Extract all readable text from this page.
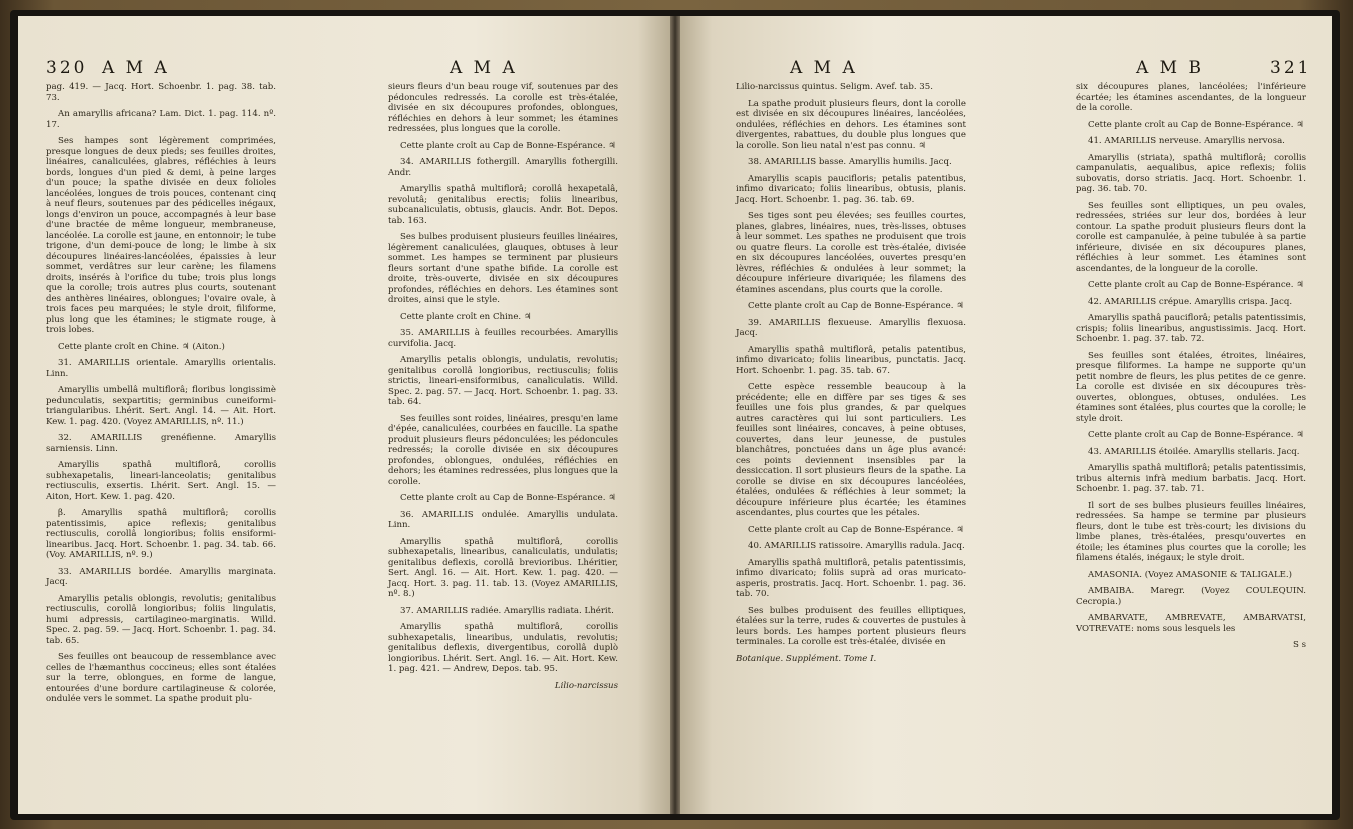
320 A M A	A M A

pag. 419. — Jacq. Hort. Schoenbr. 1. pag. 38. tab. 73.

An amaryllis africana? Lam. Dict. 1. pag. 114. nº. 17.

Ses hampes sont légèrement comprimées, presque longues de deux pieds; ses feuilles droites, linéaires, canaliculées, glabres, réfléchies à leurs bords, longues d'un pied & demi, à peine larges d'un pouce; la spathe divisée en deux folioles lancéolées, longues de trois pouces, contenant cinq à neuf fleurs, soutenues par des pédicelles inégaux, longs d'environ un pouce, accompagnés à leur base d'une bractée de même longueur, membraneuse, lancéolée. La corolle est jaune, en entonnoir; le tube trigone, d'un demi-pouce de long; le limbe à six découpures linéaires-lancéolées, épaissies à leur sommet, verdâtres sur leur carène; les filamens droits, insérés à l'orifice du tube; trois plus longs que la corolle; trois autres plus courts, soutenant des anthères linéaires, oblongues; l'ovaire ovale, à trois faces peu marquées; le style droit, filiforme, plus long que les étamines; le stigmate rouge, à trois lobes.

Cette plante croît en Chine. ♃ (Aiton.)

31. AMARILLIS orientale. Amaryllis orientalis. Linn.

Amaryllis umbellâ multiflorâ; floribus longissimè pedunculatis, sexpartitis; germinibus cuneiformi-triangularibus. Lhérit. Sert. Angl. 14. — Ait. Hort. Kew. 1. pag. 420. (Voyez AMARILLIS, nº. 11.)

32. AMARILLIS grenéfienne. Amaryllis sarniensis. Linn.

Amaryllis spathâ multiflorâ, corollis subhexapetalis, lineari-lanceolatis; genitalibus rectiusculis, exsertis. Lhérit. Sert. Angl. 15. — Aiton, Hort. Kew. 1. pag. 420.

β. Amaryllis spathâ multiflorâ; corollis patentissimis, apice reflexis; genitalibus rectiusculis, corollâ longioribus; foliis ensiformi-linearibus. Jacq. Hort. Schoenbr. 1. pag. 34. tab. 66. (Voy. AMARILLIS, nº. 9.)

33. AMARILLIS bordée. Amaryllis marginata. Jacq.

Amaryllis petalis oblongis, revolutis; genitalibus rectiusculis, corollâ longioribus; foliis lingulatis, humi adpressis, cartilagineo-marginatis. Willd. Spec. 2. pag. 59. — Jacq. Hort. Schoenbr. 1. pag. 34. tab. 65.

Ses feuilles ont beaucoup de ressemblance avec celles de l'hæmanthus coccineus; elles sont étalées sur la terre, oblongues, en forme de langue, entourées d'une bordure cartilagineuse & colorée, ondulée vers le sommet. La spathe produit plu-

sieurs fleurs d'un beau rouge vif, soutenues par des pédoncules redressés. La corolle est très-étalée, divisée en six découpures profondes, oblongues, réfléchies en dehors à leur sommet; les étamines redressées, plus longues que la corolle.

Cette plante croît au Cap de Bonne-Espérance. ♃

34. AMARILLIS fothergill. Amaryllis fothergilli. Andr.

Amaryllis spathâ multiflorâ; corollâ hexapetalâ, revolutâ; genitalibus erectis; foliis linearibus, subcanaliculatis, obtusis, glaucis. Andr. Bot. Depos. tab. 163.

Ses bulbes produisent plusieurs feuilles linéaires, légèrement canaliculées, glauques, obtuses à leur sommet. Les hampes se terminent par plusieurs fleurs sortant d'une spathe bifide. La corolle est droite, très-ouverte, divisée en six découpures profondes, réfléchies en dehors. Les étamines sont droites, ainsi que le style.

Cette plante croît en Chine. ♃

35. AMARILLIS à feuilles recourbées. Amaryllis curvifolia. Jacq.

Amaryllis petalis oblongis, undulatis, revolutis; genitalibus corollâ longioribus, rectiusculis; foliis strictis, lineari-ensiformibus, canaliculatis. Willd. Spec. 2. pag. 57. — Jacq. Hort. Schoenbr. 1. pag. 33. tab. 64.

Ses feuilles sont roides, linéaires, presqu'en lame d'épée, canaliculées, courbées en faucille. La spathe produit plusieurs fleurs pédonculées; les pédoncules redressés; la corolle divisée en six découpures profondes, oblongues, ondulées, réfléchies en dehors; les étamines redressées, plus longues que la corolle.

Cette plante croît au Cap de Bonne-Espérance. ♃

36. AMARILLIS ondulée. Amaryllis undulata. Linn.

Amaryllis spathâ multiflorâ, corollis subhexapetalis, linearibus, canaliculatis, undulatis; genitalibus deflexis, corollâ brevioribus. Lhéritier, Sert. Angl. 16. — Ait. Hort. Kew. 1. pag. 420. — Jacq. Hort. 3. pag. 11. tab. 13. (Voyez AMARILLIS, nº. 8.)

37. AMARILLIS radiée. Amaryllis radiata. Lhérit.

Amaryllis spathâ multiflorâ, corollis subhexapetalis, linearibus, undulatis, revolutis; genitalibus deflexis, divergentibus, corollâ duplò longioribus. Lhérit. Sert. Angl. 16. — Ait. Hort. Kew. 1. pag. 421. — Andrew, Depos. tab. 95.

Lilio-narcissus

A M A	A M B	321

Lilio-narcissus quintus. Seligm. Avef. tab. 35.

La spathe produit plusieurs fleurs, dont la corolle est divisée en six découpures linéaires, lancéolées, ondulées, réfléchies en dehors. Les étamines sont divergentes, rabattues, du double plus longues que la corolle. Son lieu natal n'est pas connu. ♃

38. AMARILLIS basse. Amaryllis humilis. Jacq.

Amaryllis scapis paucifloris; petalis patentibus, infimo divaricato; foliis linearibus, obtusis, planis. Jacq. Hort. Schoenbr. 1. pag. 36. tab. 69.

Ses tiges sont peu élevées; ses feuilles courtes, planes, glabres, linéaires, nues, très-lisses, obtuses à leur sommet. Les spathes ne produisent que trois ou quatre fleurs. La corolle est très-étalée, divisée en six découpures lancéolées, ouvertes presqu'en lèvres, réfléchies & ondulées à leur sommet; la découpure inférieure divariquée; les filamens des étamines ascendans, plus courts que la corolle.

Cette plante croît au Cap de Bonne-Espérance. ♃

39. AMARILLIS flexueuse. Amaryllis flexuosa. Jacq.

Amaryllis spathâ multiflorâ, petalis patentibus, infimo divaricato; foliis linearibus, punctatis. Jacq. Hort. Schoenbr. 1. pag. 35. tab. 67.

Cette espèce ressemble beaucoup à la précédente; elle en diffère par ses tiges & ses feuilles une fois plus grandes, & par quelques autres caractères qui lui sont particuliers. Les feuilles sont linéaires, concaves, à peine obtuses, couvertes, dans leur jeunesse, de pustules blanchâtres, ponctuées dans un âge plus avancé: ces points deviennent insensibles par la dessiccation. Il sort plusieurs fleurs de la spathe. La corolle se divise en six découpures lancéolées, étalées, ondulées & réfléchies à leur sommet; la découpure inférieure plus écartée; les étamines ascendantes, plus courtes que les pétales.

Cette plante croît au Cap de Bonne-Espérance. ♃

40. AMARILLIS ratissoire. Amaryllis radula. Jacq.

Amaryllis spathâ multiflorâ, petalis patentissimis, infimo divaricato; foliis suprà ad oras muricato-asperis, prostratis. Jacq. Hort. Schoenbr. 1. pag. 36. tab. 70.

Ses bulbes produisent des feuilles elliptiques, étalées sur la terre, rudes & couvertes de pustules à leurs bords. Les hampes portent plusieurs fleurs terminales. La corolle est très-étalée, divisée en

Botanique. Supplément. Tome I.

six découpures planes, lancéolées; l'inférieure écartée; les étamines ascendantes, de la longueur de la corolle.

Cette plante croît au Cap de Bonne-Espérance. ♃

41. AMARILLIS nerveuse. Amaryllis nervosa.

Amaryllis (striata), spathâ multiflorâ; corollis campanulatis, aequalibus, apice reflexis; foliis subovatis, dorso striatis. Jacq. Hort. Schoenbr. 1. pag. 36. tab. 70.

Ses feuilles sont elliptiques, un peu ovales, redressées, striées sur leur dos, bordées à leur contour. La spathe produit plusieurs fleurs dont la corolle est campanulée, à peine tubulée à sa partie inférieure, divisée en six découpures planes, réfléchies à leur sommet. Les étamines sont ascendantes, de la longueur de la corolle.

Cette plante croît au Cap de Bonne-Espérance. ♃

42. AMARILLIS crépue. Amaryllis crispa. Jacq.

Amaryllis spathâ pauciflorâ; petalis patentissimis, crispis; foliis linearibus, angustissimis. Jacq. Hort. Schoenbr. 1. pag. 37. tab. 72.

Ses feuilles sont étalées, étroites, linéaires, presque filiformes. La hampe ne supporte qu'un petit nombre de fleurs, les plus petites de ce genre. La corolle est divisée en six découpures très-ouvertes, oblongues, obtuses, ondulées. Les étamines sont étalées, plus courtes que la corolle; le style droit.

Cette plante croît au Cap de Bonne-Espérance. ♃

43. AMARILLIS étoilée. Amaryllis stellaris. Jacq.

Amaryllis spathâ multiflorâ; petalis patentissimis, tribus alternis infrà medium barbatis. Jacq. Hort. Schoenbr. 1. pag. 37. tab. 71.

Il sort de ses bulbes plusieurs feuilles linéaires, redressées. Sa hampe se termine par plusieurs fleurs, dont le tube est très-court; les divisions du limbe planes, très-étalées, presqu'ouvertes en étoile; les étamines plus courtes que la corolle; les filamens étalés, inégaux; le style droit.

AMASONIA. (Voyez AMASONIE & TALIGALE.)

AMBAIBA. Maregr. (Voyez COULEQUIN. Cecropia.)

AMBARVATE, AMBREVATE, AMBARVATSI, VOTREVATE: noms sous lesquels les

S s
